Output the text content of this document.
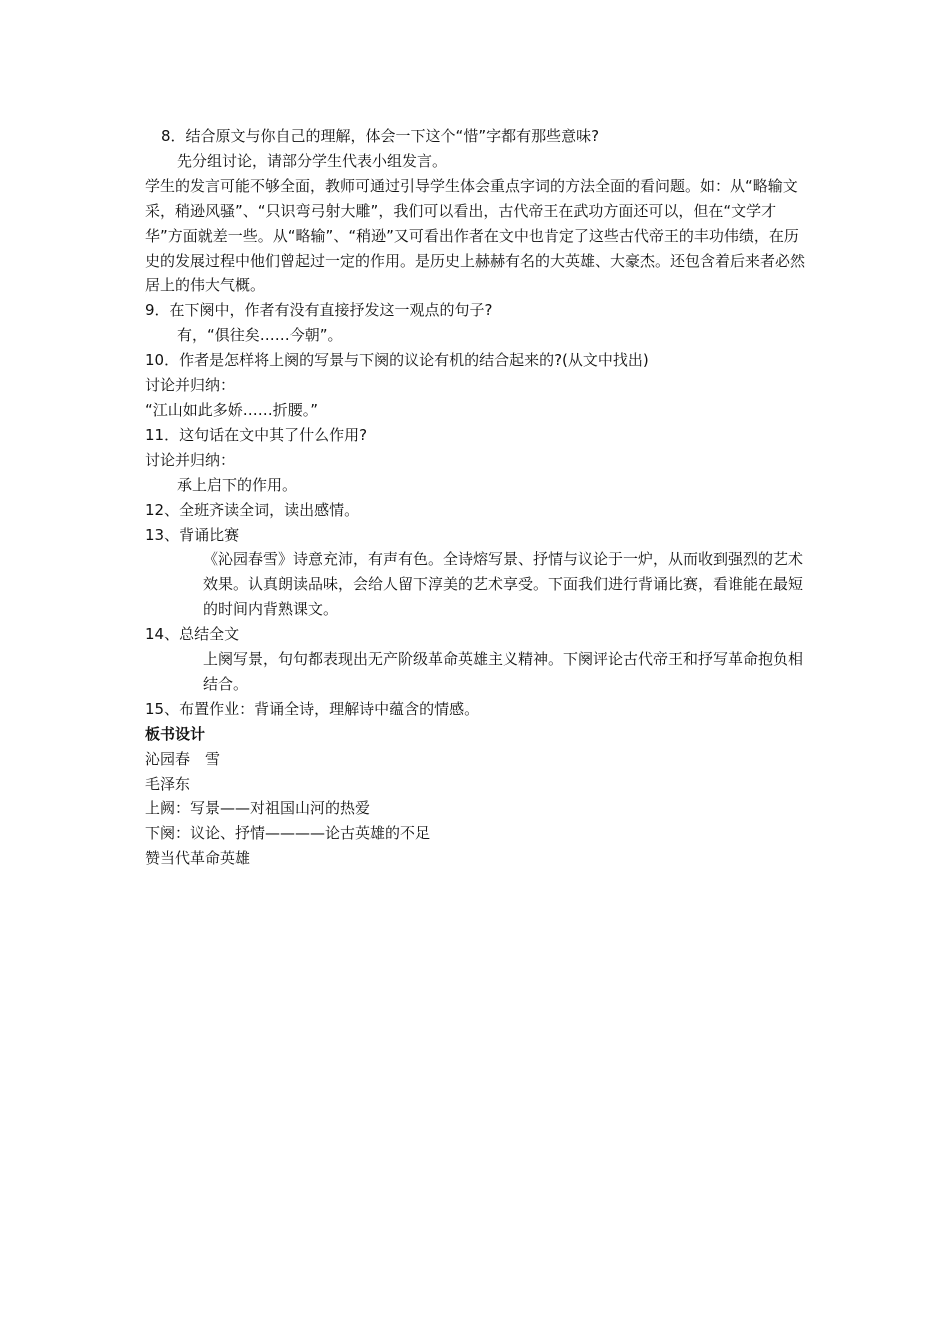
8．结合原文与你自己的理解，体会一下这个“惜”字都有那些意味?

先分组讨论，请部分学生代表小组发言。

学生的发言可能不够全面，教师可通过引导学生体会重点字词的方法全面的看问题。如：从“略输文采，稍逊风骚”、“只识弯弓射大雕”，我们可以看出，古代帝王在武功方面还可以，但在“文学才华”方面就差一些。从“略输”、“稍逊”又可看出作者在文中也肯定了这些古代帝王的丰功伟绩，在历史的发展过程中他们曾起过一定的作用。是历史上赫赫有名的大英雄、大豪杰。还包含着后来者必然居上的伟大气概。

9．在下阕中，作者有没有直接抒发这一观点的句子?

有，“俱往矣……今朝”。

10．作者是怎样将上阕的写景与下阕的议论有机的结合起来的?(从文中找出)

讨论并归纳：

“江山如此多娇……折腰。”

11．这句话在文中其了什么作用?

讨论并归纳：

承上启下的作用。

12、全班齐读全词，读出感情。

13、背诵比赛

《沁园春雪》诗意充沛，有声有色。全诗熔写景、抒情与议论于一炉，从而收到强烈的艺术效果。认真朗读品味，会给人留下淳美的艺术享受。下面我们进行背诵比赛，看谁能在最短的时间内背熟课文。

14、总结全文

上阕写景，句句都表现出无产阶级革命英雄主义精神。下阕评论古代帝王和抒写革命抱负相结合。

15、布置作业：背诵全诗，理解诗中蕴含的情感。

板书设计

沁园春　雪

毛泽东

上阙：写景——对祖国山河的热爱

下阕：议论、抒情————论古英雄的不足

赞当代革命英雄
